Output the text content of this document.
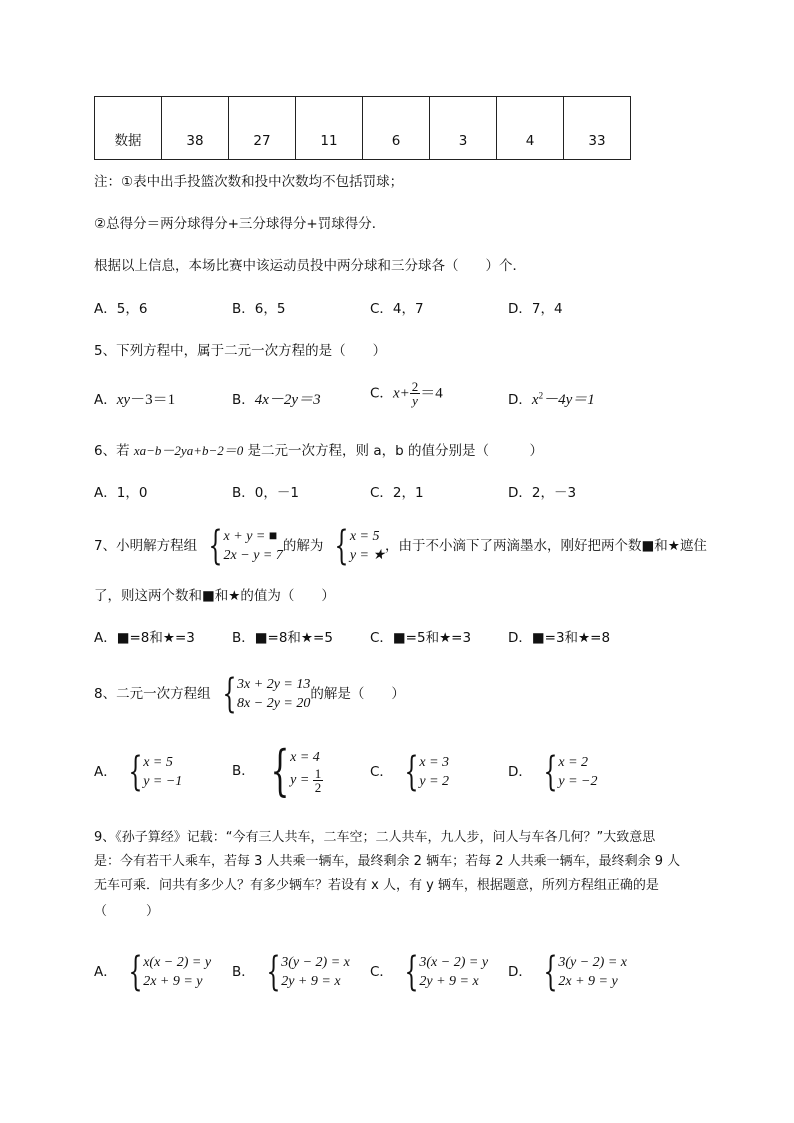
数据	38	27	11	6	3	4	33
注：①表中出手投篮次数和投中次数均不包括罚球；
②总得分＝两分球得分+三分球得分+罚球得分．
根据以上信息，本场比赛中该运动员投中两分球和三分球各（　　）个．
A．5，6	B．6，5	C．4，7	D．7，4
5、下列方程中，属于二元一次方程的是（　　）
A．xy－3＝1	B．4x－2y＝3	C．$x+ \frac{2}{y} =4$	D．$x^2-4y=1$
6、若 xa−b－2ya+b−2＝0 是二元一次方程，则 a，b 的值分别是（　　　）
A．1，0	B．0，－1	C．2，1	D．2，－3
7、小明解方程组 { x + y = ■
2x − y = 7
的解为 { x = 5
y = ★
，由于不小滴下了两滴墨水，刚好把两个数■和★遮住
了，则这两个数和■和★的值为（　　）
A．■=8和★=3	B．■=8和★=5	C．■=5和★=3	D．■=3和★=8
8、二元一次方程组 { 3x + 2y = 13
8x − 2y = 20
的解是（　　）
A． { x = 5
y = −1
B． { x = 4
$y = \frac{1}{2}$	C． { x = 3
y = 2
D． { x = 2
y = −2
9、《孙子算经》记载：“今有三人共车，二车空；二人共车，九人步，问人与车各几何？”大致意思
是：今有若干人乘车，若每 3 人共乘一辆车，最终剩余 2 辆车；若每 2 人共乘一辆车，最终剩余 9 人
无车可乘．问共有多少人？有多少辆车？若设有 x 人，有 y 辆车，根据题意，所列方程组正确的是
（　　　）
A． { x(x − 2) = y
2x + 9 = y
B． { 3(y − 2) = x
2y + 9 = x
C． { 3(x − 2) = y
2y + 9 = x
D． { 3(y − 2) = x
2x + 9 = y
